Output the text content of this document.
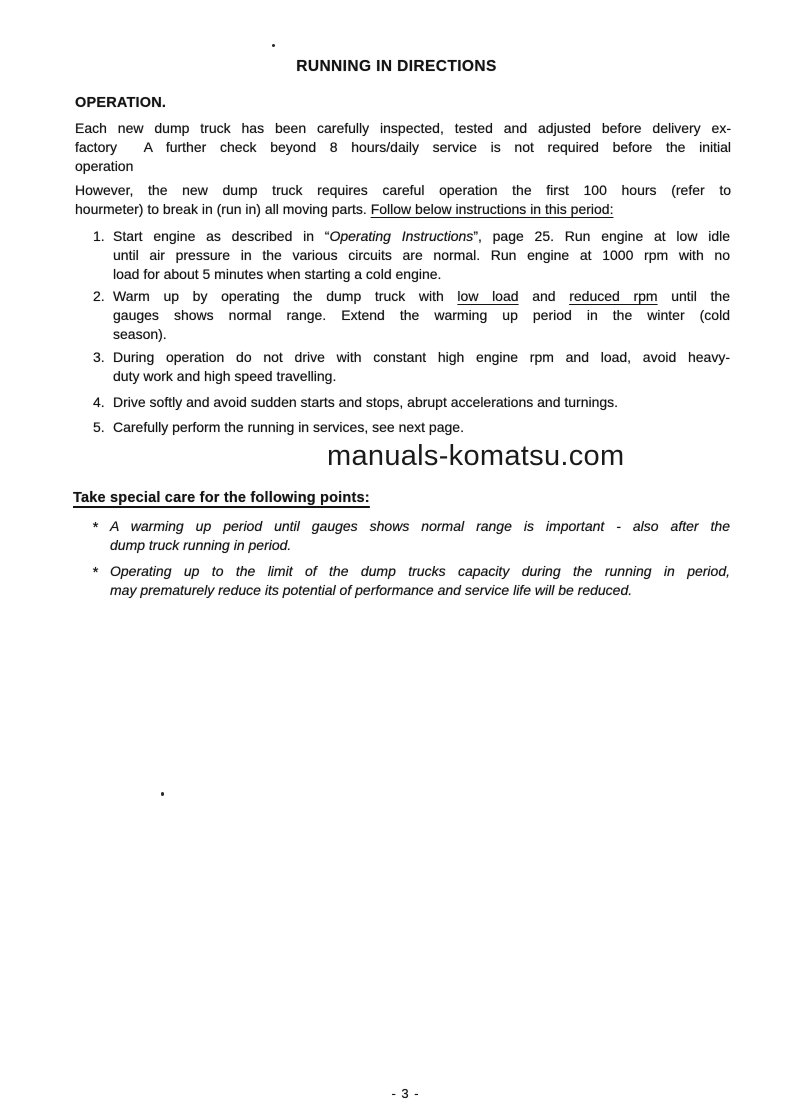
RUNNING IN DIRECTIONS
OPERATION.
Each new dump truck has been carefully inspected, tested and adjusted before delivery ex-
factory  A further check beyond 8 hours/daily service is not required before the initial
operation
However, the new dump truck requires careful operation the first 100 hours (refer to
hourmeter) to break in (run in) all moving parts. Follow below instructions in this period:
1. Start engine as described in “Operating Instructions”, page 25. Run engine at low idle
until air pressure in the various circuits are normal. Run engine at 1000 rpm with no
load for about 5 minutes when starting a cold engine.
2. Warm up by operating the dump truck with low load and reduced rpm until the
gauges shows normal range. Extend the warming up period in the winter (cold
season).
3. During operation do not drive with constant high engine rpm and load, avoid heavy-
duty work and high speed travelling.
4. Drive softly and avoid sudden starts and stops, abrupt accelerations and turnings.
5. Carefully perform the running in services, see next page.
manuals-komatsu.com
Take special care for the following points:
* A warming up period until gauges shows normal range is important - also after the
dump truck running in period.
* Operating up to the limit of the dump trucks capacity during the running in period,
may prematurely reduce its potential of performance and service life will be reduced.
- 3 -
